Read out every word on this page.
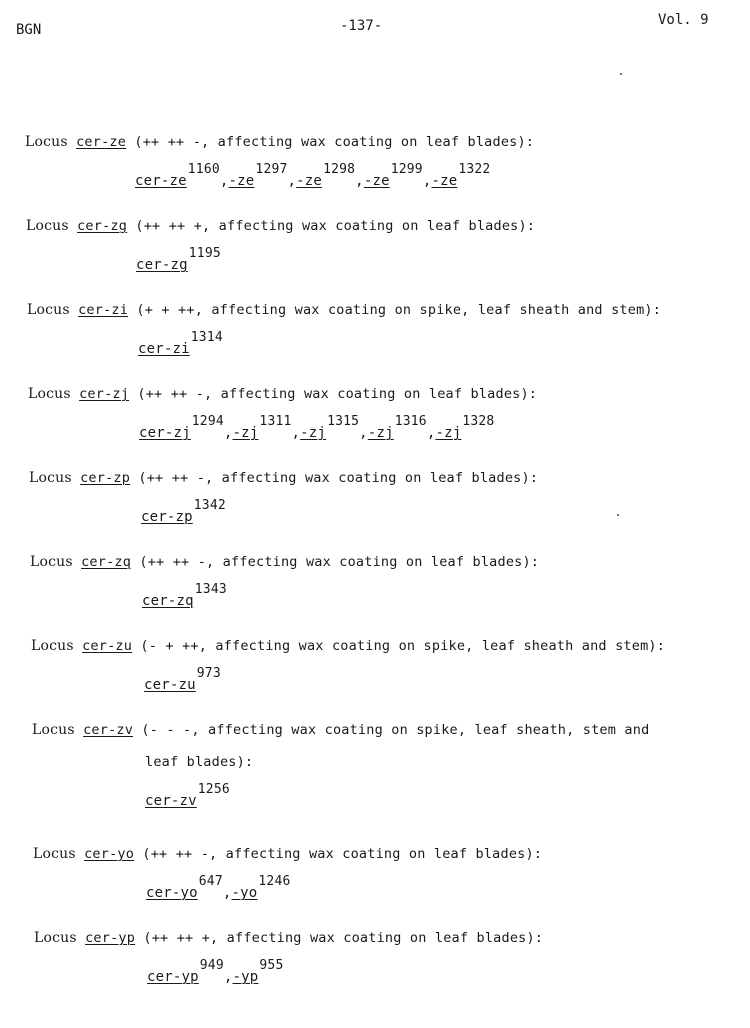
BGN	-137-	Vol. 9
Locus cer-ze (++ ++ -, affecting wax coating on leaf blades):
cer-$ze^{1160},-ze^{1297},-ze^{1298},-ze^{1299},-ze^{1322}$
Locus cer-zg (++ ++ +, affecting wax coating on leaf blades):
cer-$zg^{1195}$
Locus cer-zi (+ + ++, affecting wax coating on spike, leaf sheath and stem):
cer-$zi^{1314}$
Locus cer-zj (++ ++ -, affecting wax coating on leaf blades):
cer-$zj^{1294},-zj^{1311},-zj^{1315},-zj^{1316},-zj^{1328}$
Locus cer-zp (++ ++ -, affecting wax coating on leaf blades):
cer-$zp^{1342}$
Locus cer-zq (++ ++ -, affecting wax coating on leaf blades):
cer-$zq^{1343}$
Locus cer-zu (- + ++, affecting wax coating on spike, leaf sheath and stem):
cer-$zu^{973}$
Locus cer-zv (- - -, affecting wax coating on spike, leaf sheath, stem and
leaf blades):
cer-$zv^{1256}$
Locus cer-yo (++ ++ -, affecting wax coating on leaf blades):
cer-$yo^{647},-yo^{1246}$
Locus cer-yp (++ ++ +, affecting wax coating on leaf blades):
cer-$yp^{949},-yp^{955}$
